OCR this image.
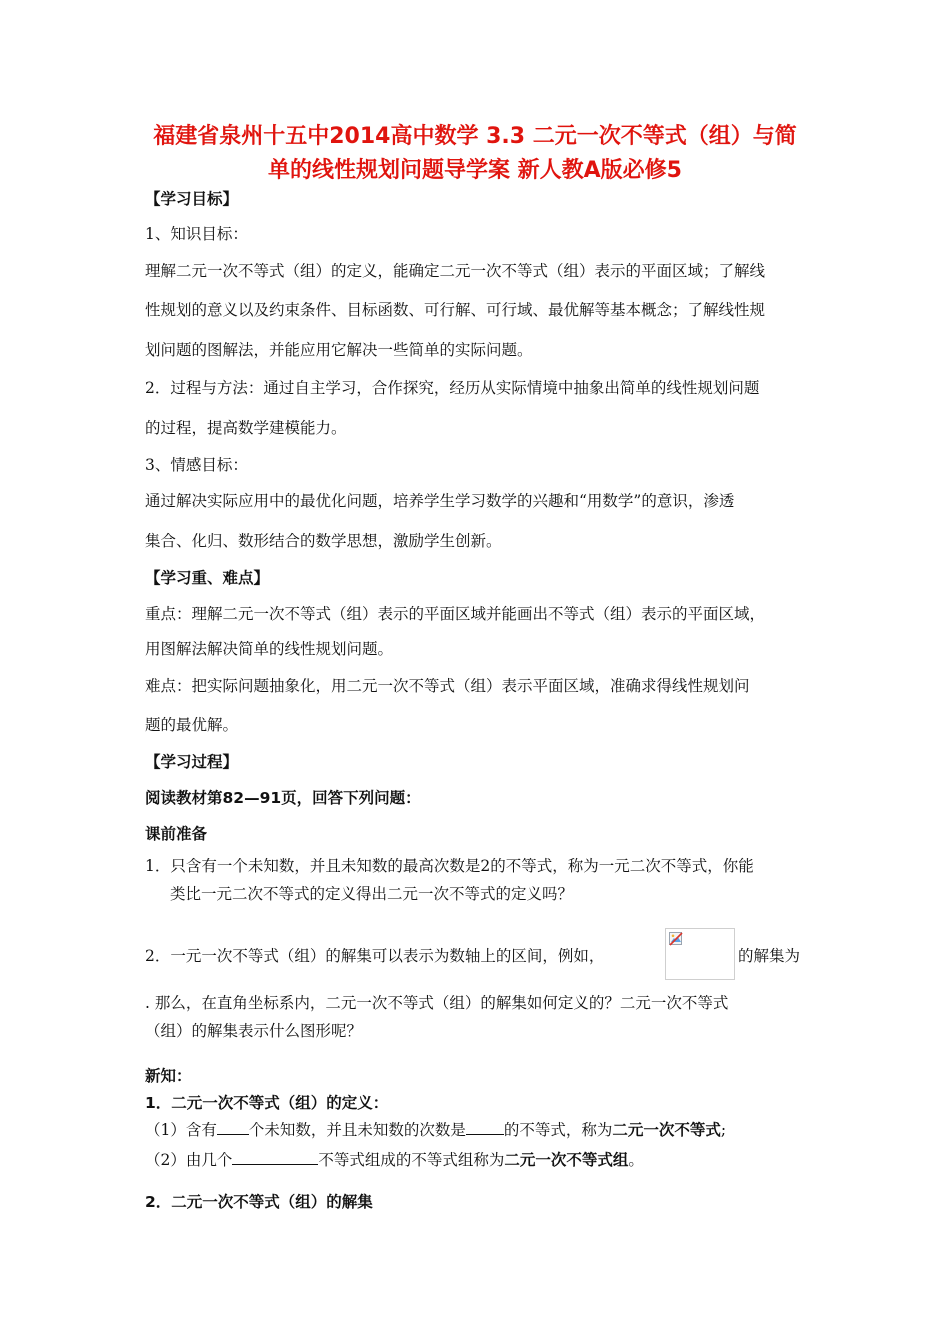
福建省泉州十五中2014高中数学 3.3 二元一次不等式（组）与简
单的线性规划问题导学案 新人教A版必修5
【学习目标】
1、知识目标：
理解二元一次不等式（组）的定义，能确定二元一次不等式（组）表示的平面区域；了解线
性规划的意义以及约束条件、目标函数、可行解、可行域、最优解等基本概念；了解线性规
划问题的图解法，并能应用它解决一些简单的实际问题。
2．过程与方法：通过自主学习，合作探究，经历从实际情境中抽象出简单的线性规划问题
的过程，提高数学建模能力。
3、情感目标：
通过解决实际应用中的最优化问题，培养学生学习数学的兴趣和“用数学”的意识，渗透
集合、化归、数形结合的数学思想，激励学生创新。
【学习重、难点】
重点：理解二元一次不等式（组）表示的平面区域并能画出不等式（组）表示的平面区域，
用图解法解决简单的线性规划问题。
难点：把实际问题抽象化，用二元一次不等式（组）表示平面区域，准确求得线性规划问
题的最优解。
【学习过程】
阅读教材第82—91页，回答下列问题：
课前准备
1．只含有一个未知数，并且未知数的最高次数是2的不等式，称为一元二次不等式，你能
类比一元二次不等式的定义得出二元一次不等式的定义吗？
2．一元一次不等式（组）的解集可以表示为数轴上的区间，例如，	的解集为
. 那么，在直角坐标系内，二元一次不等式（组）的解集如何定义的？二元一次不等式
（组）的解集表示什么图形呢？
新知：
1．二元一次不等式（组）的定义：
（1）含有 个未知数，并且未知数的次数是 的不等式，称为二元一次不等式;
（2）由几个	不等式组成的不等式组称为二元一次不等式组。
2．二元一次不等式（组）的解集
